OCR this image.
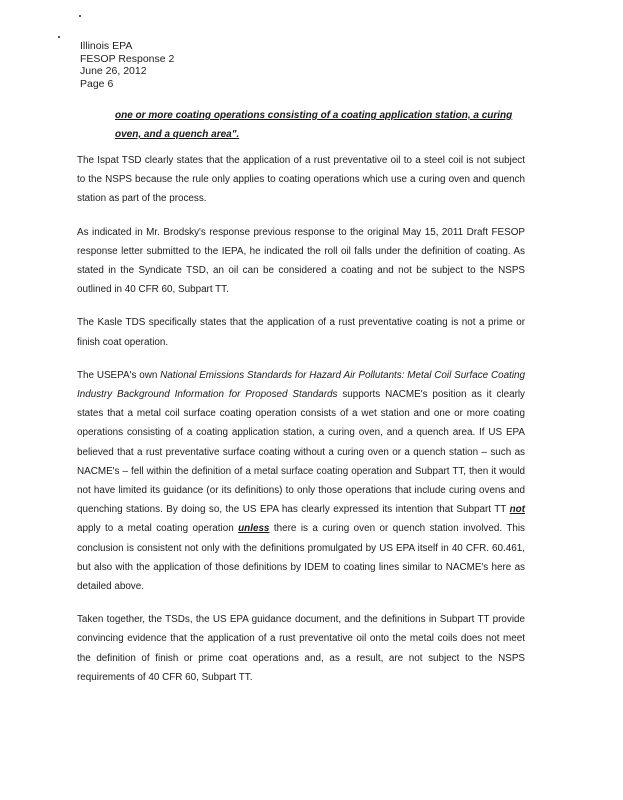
Illinois EPA
FESOP Response 2
June 26, 2012
Page 6
one or more coating operations consisting of a coating application station, a curing oven, and a quench area".

The Ispat TSD clearly states that the application of a rust preventative oil to a steel coil is not subject to the NSPS because the rule only applies to coating operations which use a curing oven and quench station as part of the process.

As indicated in Mr. Brodsky's response previous response to the original May 15, 2011 Draft FESOP response letter submitted to the IEPA, he indicated the roll oil falls under the definition of coating. As stated in the Syndicate TSD, an oil can be considered a coating and not be subject to the NSPS outlined in 40 CFR 60, Subpart TT.

The Kasle TDS specifically states that the application of a rust preventative coating is not a prime or finish coat operation.

The USEPA's own National Emissions Standards for Hazard Air Pollutants: Metal Coil Surface Coating Industry Background Information for Proposed Standards supports NACME's position as it clearly states that a metal coil surface coating operation consists of a wet station and one or more coating operations consisting of a coating application station, a curing oven, and a quench area. If US EPA believed that a rust preventative surface coating without a curing oven or a quench station – such as NACME's – fell within the definition of a metal surface coating operation and Subpart TT, then it would not have limited its guidance (or its definitions) to only those operations that include curing ovens and quenching stations. By doing so, the US EPA has clearly expressed its intention that Subpart TT not apply to a metal coating operation unless there is a curing oven or quench station involved. This conclusion is consistent not only with the definitions promulgated by US EPA itself in 40 CFR. 60.461, but also with the application of those definitions by IDEM to coating lines similar to NACME's here as detailed above.

Taken together, the TSDs, the US EPA guidance document, and the definitions in Subpart TT provide convincing evidence that the application of a rust preventative oil onto the metal coils does not meet the definition of finish or prime coat operations and, as a result, are not subject to the NSPS requirements of 40 CFR 60, Subpart TT.
